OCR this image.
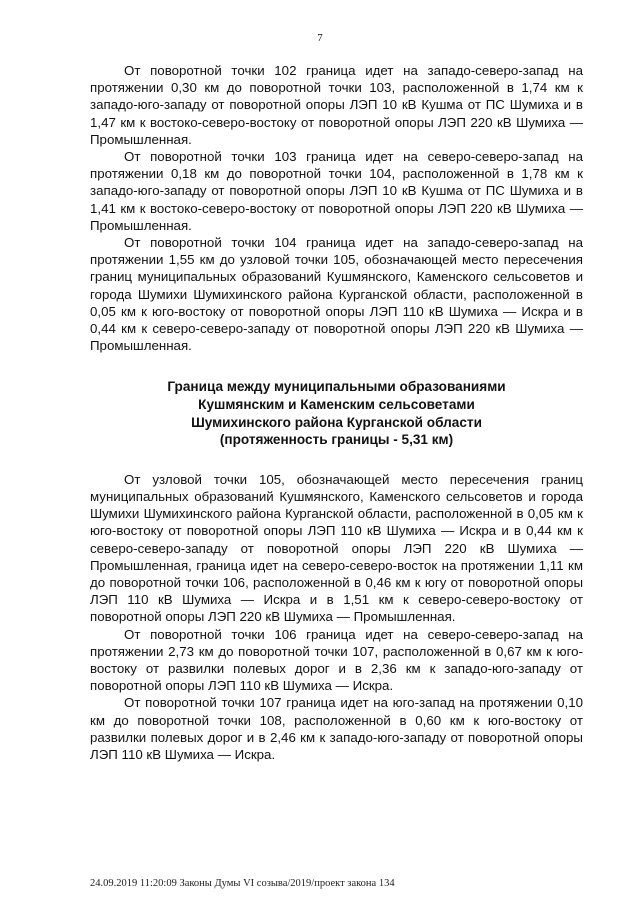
7

От поворотной точки 102 граница идет на западо-северо-запад на протяжении 0,30 км до поворотной точки 103, расположенной в 1,74 км к западо-юго-западу от поворотной опоры ЛЭП 10 кВ Кушма от ПС Шумиха и в 1,47 км к востоко-северо-востоку от поворотной опоры ЛЭП 220 кВ Шумиха — Промышленная.

От поворотной точки 103 граница идет на северо-северо-запад на протяжении 0,18 км до поворотной точки 104, расположенной в 1,78 км к западо-юго-западу от поворотной опоры ЛЭП 10 кВ Кушма от ПС Шумиха и в 1,41 км к востоко-северо-востоку от поворотной опоры ЛЭП 220 кВ Шумиха — Промышленная.

От поворотной точки 104 граница идет на западо-северо-запад на протяжении 1,55 км до узловой точки 105, обозначающей место пересечения границ муниципальных образований Кушмянского, Каменского сельсоветов и города Шумихи Шумихинского района Курганской области, расположенной в 0,05 км к юго-востоку от поворотной опоры ЛЭП 110 кВ Шумиха — Искра и в 0,44 км к северо-северо-западу от поворотной опоры ЛЭП 220 кВ Шумиха — Промышленная.

Граница между муниципальными образованиями
Кушмянским и Каменским сельсоветами
Шумихинского района Курганской области
(протяженность границы - 5,31 км)

От узловой точки 105, обозначающей место пересечения границ муниципальных образований Кушмянского, Каменского сельсоветов и города Шумихи Шумихинского района Курганской области, расположенной в 0,05 км к юго-востоку от поворотной опоры ЛЭП 110 кВ Шумиха — Искра и в 0,44 км к северо-северо-западу от поворотной опоры ЛЭП 220 кВ Шумиха — Промышленная, граница идет на северо-северо-восток на протяжении 1,11 км до поворотной точки 106, расположенной в 0,46 км к югу от поворотной опоры ЛЭП 110 кВ Шумиха — Искра и в 1,51 км к северо-северо-востоку от поворотной опоры ЛЭП 220 кВ Шумиха — Промышленная.

От поворотной точки 106 граница идет на северо-северо-запад на протяжении 2,73 км до поворотной точки 107, расположенной в 0,67 км к юго-востоку от развилки полевых дорог и в 2,36 км к западо-юго-западу от поворотной опоры ЛЭП 110 кВ Шумиха — Искра.

От поворотной точки 107 граница идет на юго-запад на протяжении 0,10 км до поворотной точки 108, расположенной в 0,60 км к юго-востоку от развилки полевых дорог и в 2,46 км к западо-юго-западу от поворотной опоры ЛЭП 110 кВ Шумиха — Искра.

24.09.2019 11:20:09 Законы Думы VI созыва/2019/проект закона 134
